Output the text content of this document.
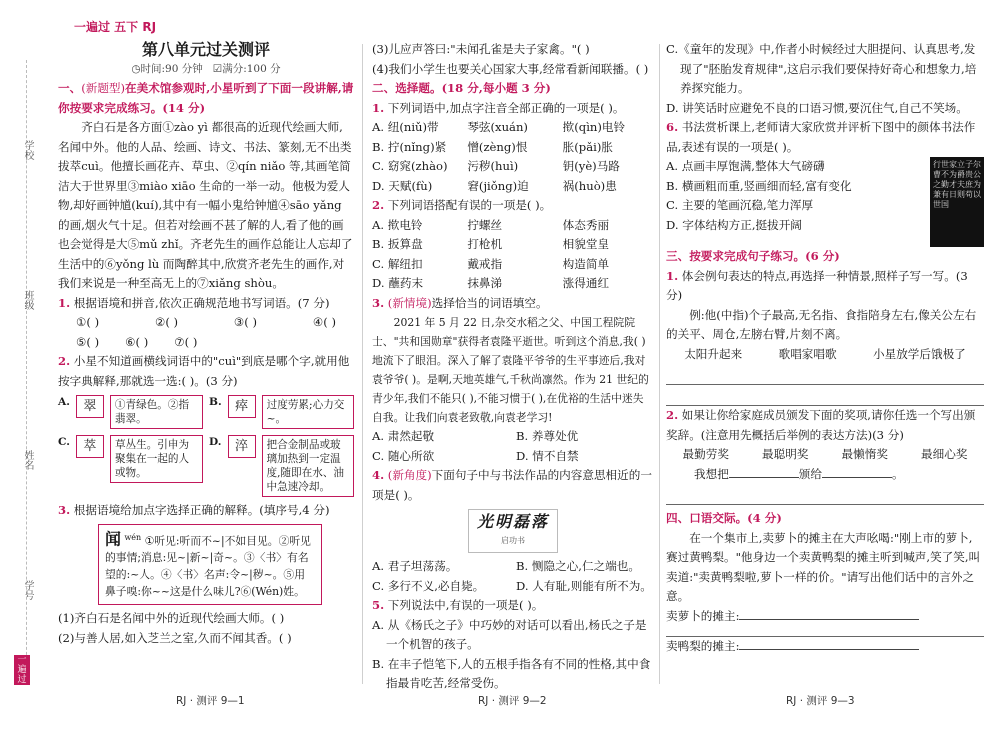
学校
班级
姓名
学号
一遍过
一遍过 五下 RJ

第八单元过关测评

◷时间:90 分钟 ☑满分:100 分

一、(新题型)在美术馆参观时,小星听到了下面一段讲解,请你按要求完成练习。(14 分)

齐白石是各方面①zào yì 都很高的近现代绘画大师,名闻中外。他的人品、绘画、诗文、书法、篆刻,无不出类拔萃cuì。他擅长画花卉、草虫、②qín niǎo 等,其画笔简洁大于世界里③miào xiāo 生命的一举一动。他极为爱人物,却好画钟馗(kuí),其中有一幅小鬼给钟馗④sāo yǎng 的画,烟火气十足。但若对绘画不甚了解的人,看了他的画也会觉得是大⑤mǔ zhǐ。齐老先生的画作总能让人忘却了生活中的⑥yǒng lù 而陶醉其中,欣赏齐老先生的画作,对我们来说是一种至高无上的⑦xiǎng shòu。

1. 根据语境和拼音,依次正确规范地书写词语。(7 分)

①( )	②( )	③( )	④( )
⑤( ) ⑥( ) ⑦( )

2. 小星不知道画横线词语中的"cuì"到底是哪个字,就用他按字典解释,那就选一选:( )。(3 分)

A.	翠	①青绿色。②指翡翠。
B.	瘁	过度劳累;心力交~。
C.	萃	草丛生。引申为聚集在一起的人或物。
D.	淬	把合金制品或玻璃加热到一定温度,随即在水、油中急速冷却。

3. 根据语境给加点字选择正确的解释。(填序号,4 分)

闻 $^{wén}$ ①听见:听而不~|不如目见。②听见的事情;消息:见~|新~|奇~。③〈书〉有名望的:~人。④〈书〉名声:令~|秽~。⑤用鼻子嗅:你~~这是什么味儿?⑥(Wén)姓。

(1)齐白石是名闻中外的近现代绘画大师。( )

(2)与善人居,如入芝兰之室,久而不闻其香。( )

(3)儿应声答曰:"未闻孔雀是夫子家禽。"( )

(4)我们小学生也要关心国家大事,经常看新闻联播。( )

二、选择题。(18 分,每小题 3 分)

1. 下列词语中,加点字注音全部正确的一项是( )。

A. 纽(niǔ)带	琴弦(xuán)	揿(qìn)电铃
B. 拧(nǐng)紧	憎(zèng)恨	胀(pǎi)胀
C. 窈窕(zhào)	污秽(huì)	钥(yè)马路
D. 天赋(fù)	窘(jiǒng)迫	祸(huò)患

2. 下列词语搭配有误的一项是( )。

A. 揿电铃	拧螺丝	体态秀丽
B. 扳算盘	打枪机	相貌堂皇
C. 解纽扣	戴戒指	构造简单
D. 蘸药末	抹鼻涕	涨得通红

3. (新情境)选择恰当的词语填空。

2021 年 5 月 22 日,杂交水稻之父、中国工程院院士、"共和国勋章"获得者袁隆平逝世。听到这个消息,我( )地流下了眼泪。深入了解了袁隆平爷爷的生平事迹后,我对袁爷爷( )。是啊,天地英雄气,千秋尚凛然。作为 21 世纪的青少年,我们不能只( ),不能习惯于( ),在优裕的生活中迷失自我。让我们向袁老致敬,向袁老学习!

A. 肃然起敬	B. 养尊处优
C. 随心所欲	D. 情不自禁

4. (新角度)下面句子中与书法作品的内容意思相近的一项是( )。

光明磊落
启功书
A. 君子坦荡荡。	B. 恻隐之心,仁之端也。
C. 多行不义,必自毙。	D. 人有耻,则能有所不为。

5. 下列说法中,有误的一项是( )。

A. 从《杨氏之子》中巧妙的对话可以看出,杨氏之子是一个机智的孩子。

B. 在丰子恺笔下,人的五根手指各有不同的性格,其中食指最肯吃苦,经常受伤。

C.《童年的发现》中,作者小时候经过大胆提问、认真思考,发现了"胚胎发育规律",这启示我们要保持好奇心和想象力,培养探究能力。

D. 讲笑话时应避免不良的口语习惯,要沉住气,自己不笑场。

6. 书法赏析课上,老师请大家欣赏并评析下图中的颜体书法作品,表述有误的一项是( )。

行世家立子尔曹不为爵贵公之勤才夫庶为兼有日则苟以世国

A. 点画丰厚饱满,整体大气磅礴

B. 横画粗而重,竖画细而轻,富有变化

C. 主要的笔画沉稳,笔力浑厚

D. 字体结构方正,挺拔开阔

三、按要求完成句子练习。(6 分)

1. 体会例句表达的特点,再选择一种情景,照样子写一写。(3 分)

例:他(中指)个子最高,无名指、食指陪身左右,像关公左右的关平、周仓,左膀右臂,片刻不离。

太阳升起来	歌唱家唱歌	小星放学后饿极了

2. 如果让你给家庭成员颁发下面的奖项,请你任选一个写出颁奖辞。(注意用先概括后举例的表达方法)(3 分)

最勤劳奖	最聪明奖	最懒惰奖	最细心奖

我想把	颁给	。

四、口语交际。(4 分)

在一个集市上,卖萝卜的摊主在大声吆喝:"刚上市的萝卜,赛过黄鸭梨。"他身边一个卖黄鸭梨的摊主听到喊声,笑了笑,叫卖道:"卖黄鸭梨啦,萝卜一样的价。"请写出他们话中的言外之意。

卖萝卜的摊主:

卖鸭梨的摊主:

RJ · 测评 9—1	RJ · 测评 9—2	RJ · 测评 9—3
